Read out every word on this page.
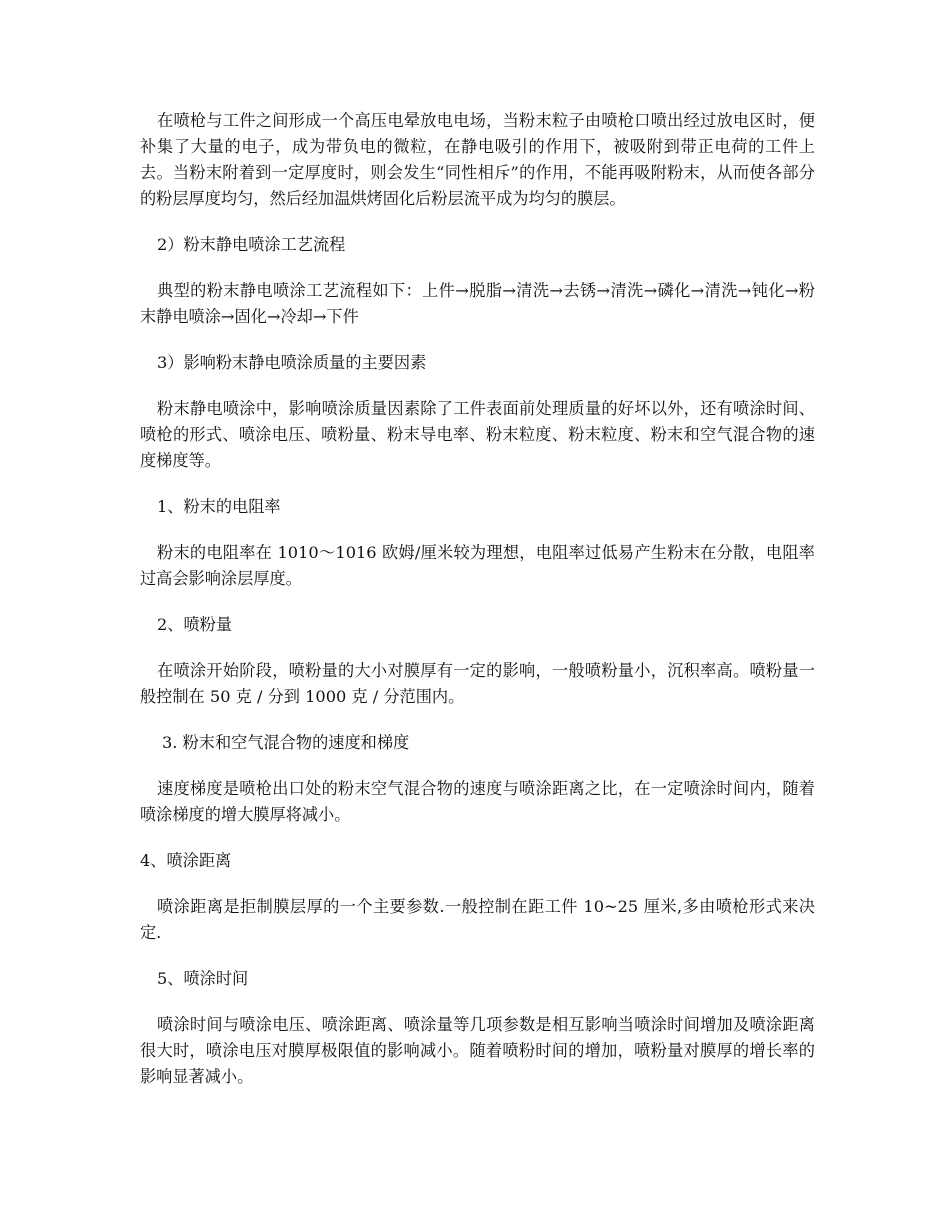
在喷枪与工件之间形成一个高压电晕放电电场，当粉末粒子由喷枪口喷出经过放电区时，便补集了大量的电子，成为带负电的微粒，在静电吸引的作用下，被吸附到带正电荷的工件上去。当粉末附着到一定厚度时，则会发生“同性相斥”的作用，不能再吸附粉末，从而使各部分的粉层厚度均匀，然后经加温烘烤固化后粉层流平成为均匀的膜层。

2）粉末静电喷涂工艺流程

典型的粉末静电喷涂工艺流程如下：上件→脱脂→清洗→去锈→清洗→磷化→清洗→钝化→粉末静电喷涂→固化→冷却→下件

3）影响粉末静电喷涂质量的主要因素

粉末静电喷涂中，影响喷涂质量因素除了工件表面前处理质量的好坏以外，还有喷涂时间、喷枪的形式、喷涂电压、喷粉量、粉末导电率、粉末粒度、粉末粒度、粉末和空气混合物的速度梯度等。

1、粉末的电阻率

粉末的电阻率在 1010～1016 欧姆/厘米较为理想，电阻率过低易产生粉末在分散，电阻率过高会影响涂层厚度。

2、喷粉量

在喷涂开始阶段，喷粉量的大小对膜厚有一定的影响，一般喷粉量小，沉积率高。喷粉量一般控制在 50 克 / 分到 1000 克 / 分范围内。

3. 粉末和空气混合物的速度和梯度

速度梯度是喷枪出口处的粉末空气混合物的速度与喷涂距离之比，在一定喷涂时间内，随着喷涂梯度的增大膜厚将减小。

4、喷涂距离

喷涂距离是拒制膜层厚的一个主要参数.一般控制在距工件 10~25 厘米,多由喷枪形式来决定.

5、喷涂时间

喷涂时间与喷涂电压、喷涂距离、喷涂量等几项参数是相互影响当喷涂时间增加及喷涂距离很大时，喷涂电压对膜厚极限值的影响减小。随着喷粉时间的增加，喷粉量对膜厚的增长率的影响显著减小。
